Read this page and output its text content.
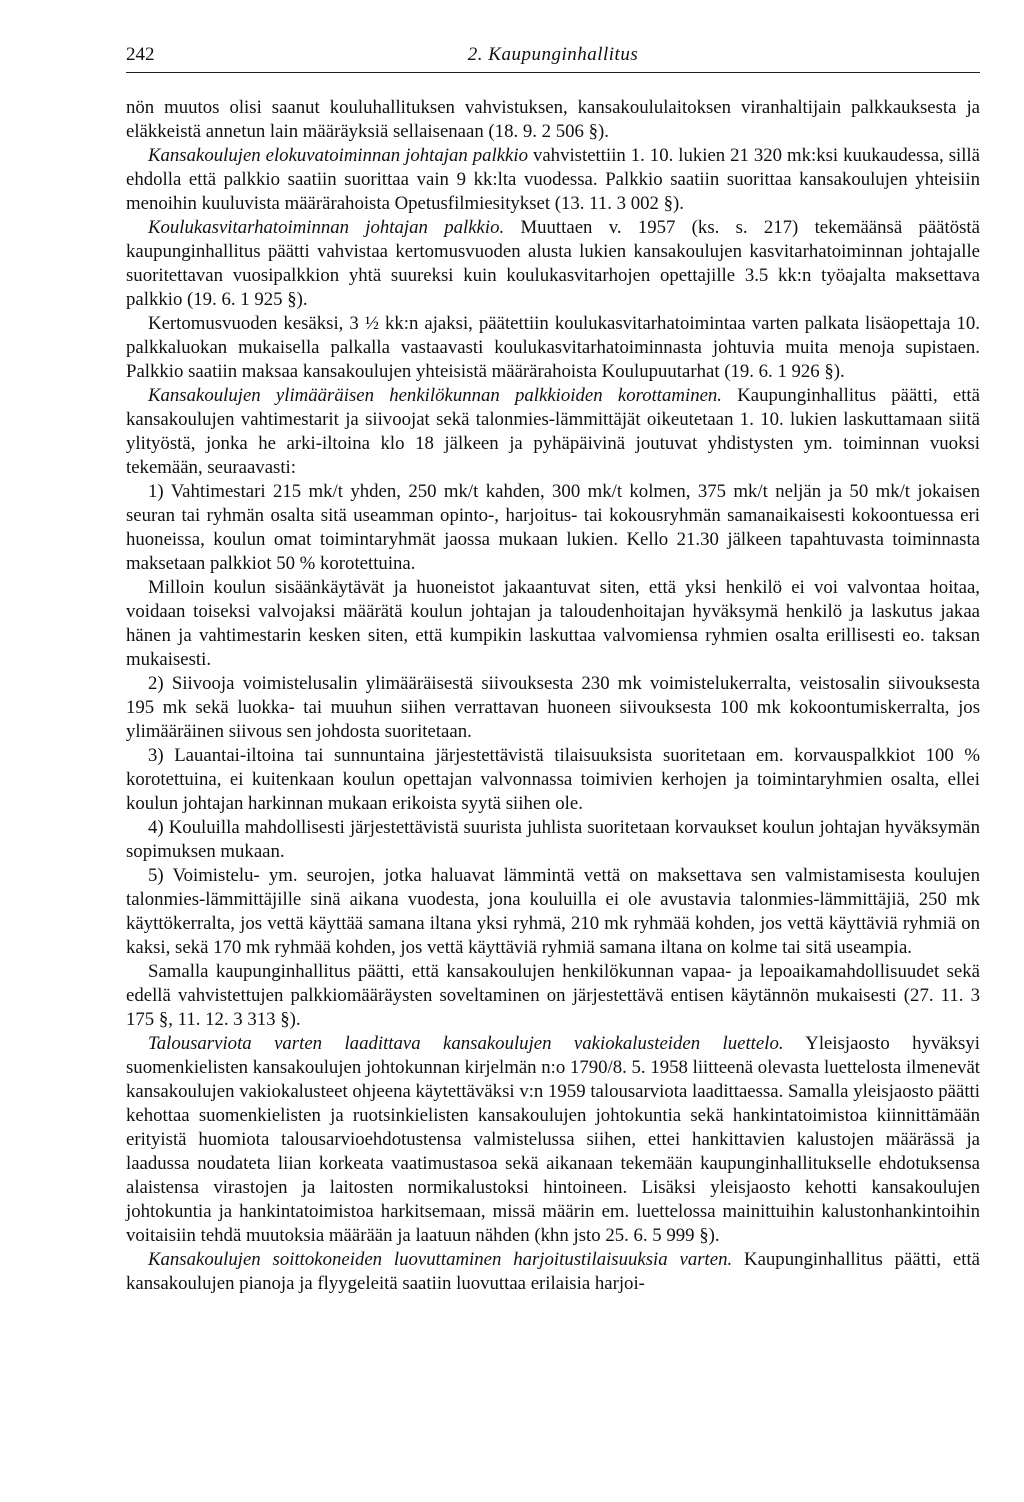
242	2. Kaupunginhallitus

nön muutos olisi saanut kouluhallituksen vahvistuksen, kansakoululaitoksen viranhaltijain palkkauksesta ja eläkkeistä annetun lain määräyksiä sellaisenaan (18. 9. 2 506 §).

Kansakoulujen elokuvatoiminnan johtajan palkkio vahvistettiin 1. 10. lukien 21 320 mk:ksi kuukaudessa, sillä ehdolla että palkkio saatiin suorittaa vain 9 kk:lta vuodessa. Palkkio saatiin suorittaa kansakoulujen yhteisiin menoihin kuuluvista määrärahoista Opetusfilmiesitykset (13. 11. 3 002 §).

Koulukasvitarhatoiminnan johtajan palkkio. Muuttaen v. 1957 (ks. s. 217) tekemäänsä päätöstä kaupunginhallitus päätti vahvistaa kertomusvuoden alusta lukien kansakoulujen kasvitarhatoiminnan johtajalle suoritettavan vuosipalkkion yhtä suureksi kuin koulukasvitarhojen opettajille 3.5 kk:n työajalta maksettava palkkio (19. 6. 1 925 §).

Kertomusvuoden kesäksi, 3 ½ kk:n ajaksi, päätettiin koulukasvitarhatoimintaa varten palkata lisäopettaja 10. palkkaluokan mukaisella palkalla vastaavasti koulukasvitarhatoiminnasta johtuvia muita menoja supistaen. Palkkio saatiin maksaa kansakoulujen yhteisistä määrärahoista Koulupuutarhat (19. 6. 1 926 §).

Kansakoulujen ylimääräisen henkilökunnan palkkioiden korottaminen. Kaupunginhallitus päätti, että kansakoulujen vahtimestarit ja siivoojat sekä talonmies-lämmittäjät oikeutetaan 1. 10. lukien laskuttamaan siitä ylityöstä, jonka he arki-iltoina klo 18 jälkeen ja pyhäpäivinä joutuvat yhdistysten ym. toiminnan vuoksi tekemään, seuraavasti:

1) Vahtimestari 215 mk/t yhden, 250 mk/t kahden, 300 mk/t kolmen, 375 mk/t neljän ja 50 mk/t jokaisen seuran tai ryhmän osalta sitä useamman opinto-, harjoitus- tai kokousryhmän samanaikaisesti kokoontuessa eri huoneissa, koulun omat toimintaryhmät jaossa mukaan lukien. Kello 21.30 jälkeen tapahtuvasta toiminnasta maksetaan palkkiot 50 % korotettuina.

Milloin koulun sisäänkäytävät ja huoneistot jakaantuvat siten, että yksi henkilö ei voi valvontaa hoitaa, voidaan toiseksi valvojaksi määrätä koulun johtajan ja taloudenhoitajan hyväksymä henkilö ja laskutus jakaa hänen ja vahtimestarin kesken siten, että kumpikin laskuttaa valvomiensa ryhmien osalta erillisesti eo. taksan mukaisesti.

2) Siivooja voimistelusalin ylimääräisestä siivouksesta 230 mk voimistelukerralta, veistosalin siivouksesta 195 mk sekä luokka- tai muuhun siihen verrattavan huoneen siivouksesta 100 mk kokoontumiskerralta, jos ylimääräinen siivous sen johdosta suoritetaan.

3) Lauantai-iltoina tai sunnuntaina järjestettävistä tilaisuuksista suoritetaan em. korvauspalkkiot 100 % korotettuina, ei kuitenkaan koulun opettajan valvonnassa toimivien kerhojen ja toimintaryhmien osalta, ellei koulun johtajan harkinnan mukaan erikoista syytä siihen ole.

4) Kouluilla mahdollisesti järjestettävistä suurista juhlista suoritetaan korvaukset koulun johtajan hyväksymän sopimuksen mukaan.

5) Voimistelu- ym. seurojen, jotka haluavat lämmintä vettä on maksettava sen valmistamisesta koulujen talonmies-lämmittäjille sinä aikana vuodesta, jona kouluilla ei ole avustavia talonmies-lämmittäjiä, 250 mk käyttökerralta, jos vettä käyttää samana iltana yksi ryhmä, 210 mk ryhmää kohden, jos vettä käyttäviä ryhmiä on kaksi, sekä 170 mk ryhmää kohden, jos vettä käyttäviä ryhmiä samana iltana on kolme tai sitä useampia.

Samalla kaupunginhallitus päätti, että kansakoulujen henkilökunnan vapaa- ja lepoaikamahdollisuudet sekä edellä vahvistettujen palkkiomääräysten soveltaminen on järjestettävä entisen käytännön mukaisesti (27. 11. 3 175 §, 11. 12. 3 313 §).

Talousarviota varten laadittava kansakoulujen vakiokalusteiden luettelo. Yleisjaosto hyväksyi suomenkielisten kansakoulujen johtokunnan kirjelmän n:o 1790/8. 5. 1958 liitteenä olevasta luettelosta ilmenevät kansakoulujen vakiokalusteet ohjeena käytettäväksi v:n 1959 talousarviota laadittaessa. Samalla yleisjaosto päätti kehottaa suomenkielisten ja ruotsinkielisten kansakoulujen johtokuntia sekä hankintatoimistoa kiinnittämään erityistä huomiota talousarvioehdotustensa valmistelussa siihen, ettei hankittavien kalustojen määrässä ja laadussa noudateta liian korkeata vaatimustasoa sekä aikanaan tekemään kaupunginhallitukselle ehdotuksensa alaistensa virastojen ja laitosten normikalustoksi hintoineen. Lisäksi yleisjaosto kehotti kansakoulujen johtokuntia ja hankintatoimistoa harkitsemaan, missä määrin em. luettelossa mainittuihin kalustonhankintoihin voitaisiin tehdä muutoksia määrään ja laatuun nähden (khn jsto 25. 6. 5 999 §).

Kansakoulujen soittokoneiden luovuttaminen harjoitustilaisuuksia varten. Kaupunginhallitus päätti, että kansakoulujen pianoja ja flyygeleitä saatiin luovuttaa erilaisia harjoi-
